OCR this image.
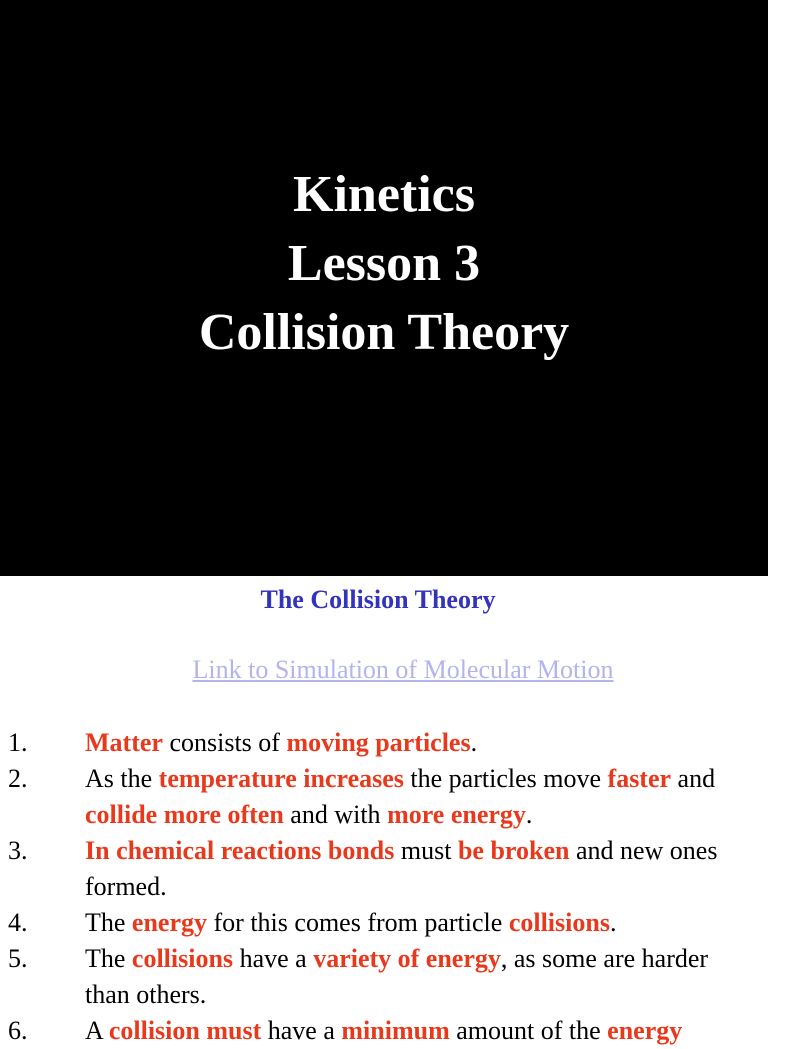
Kinetics
Lesson 3
Collision Theory
The Collision Theory
Link to Simulation of Molecular Motion
1. Matter consists of moving particles.
2. As the temperature increases the particles move faster and collide more often and with more energy.
3. In chemical reactions bonds must be broken and new ones formed.
4. The energy for this comes from particle collisions.
5. The collisions have a variety of energy, as some are harder than others.
6. A collision must have a minimum amount of the energy
